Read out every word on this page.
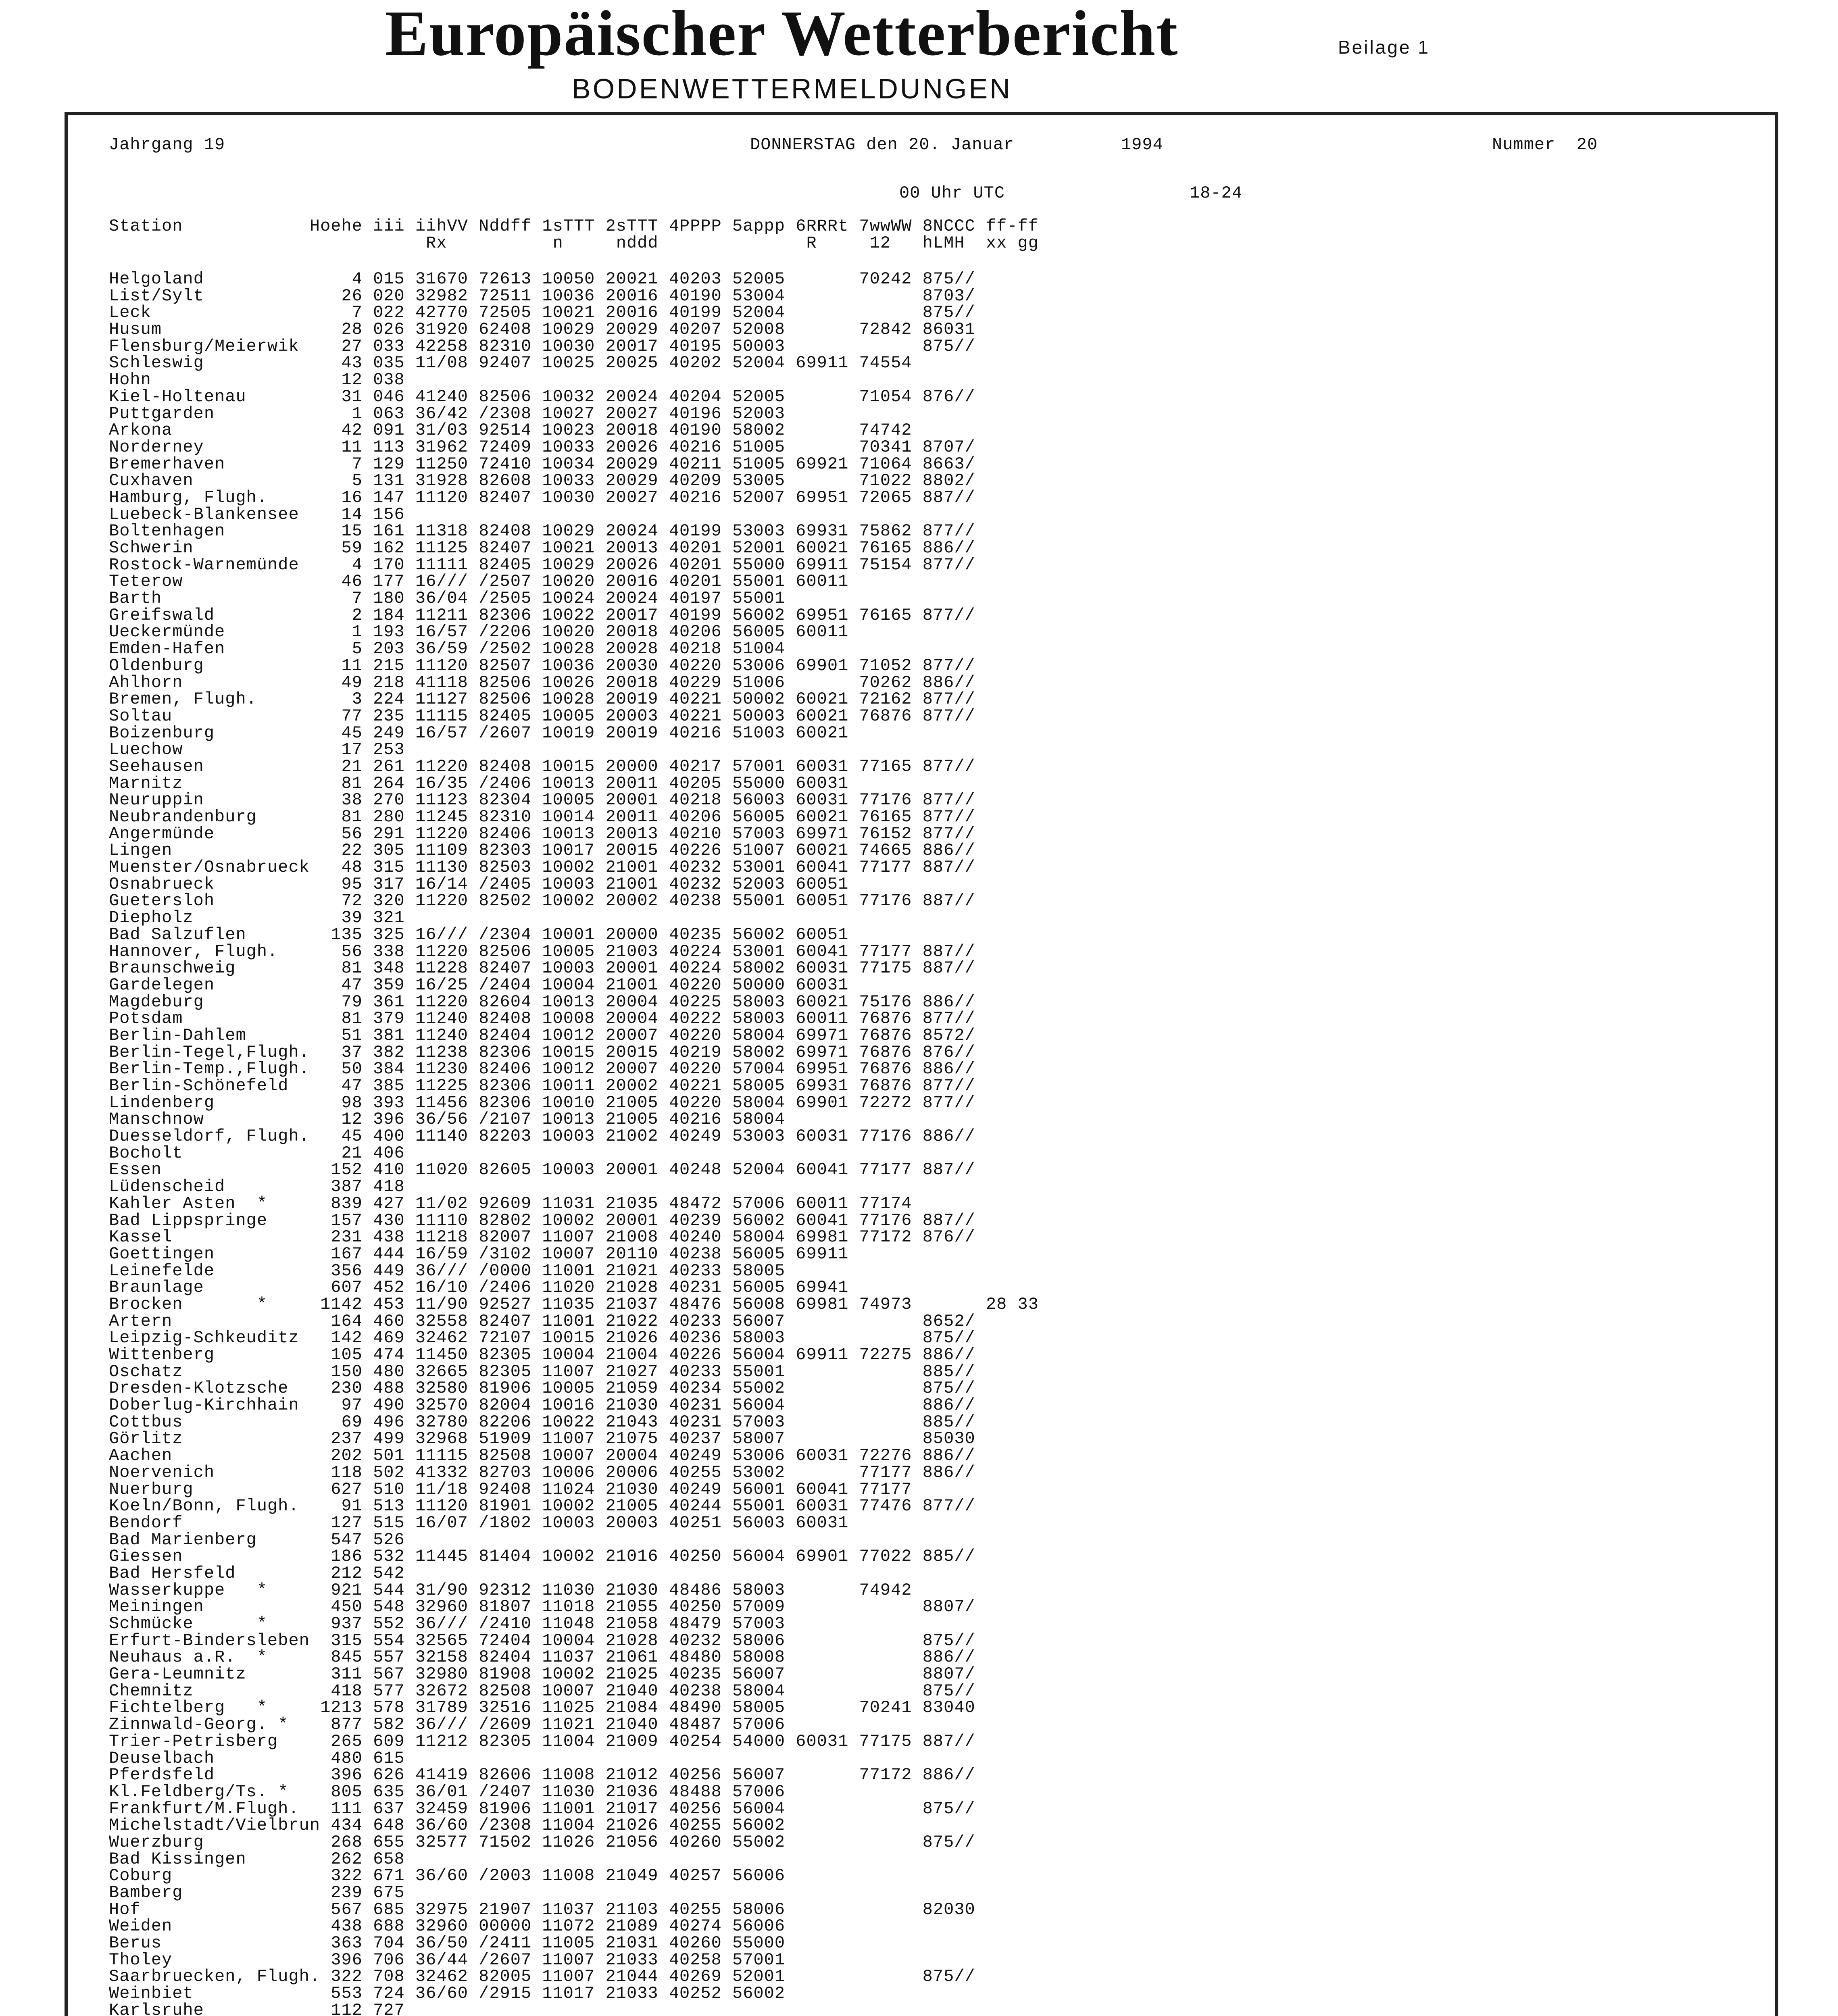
Europäischer Wetterbericht	Beilage 1
BODENWETTERMELDUNGEN
Jahrgang 19	DONNERSTAG den 20. Januar	1994	Nummer  20
00 Uhr UTC	18-24
Station            Hoehe iii iihVV Nddff 1sTTT 2sTTT 4PPPP 5appp 6RRRt 7wwWW 8NCCC ff-ff
Rx          n     nddd              R     12   hLMH  xx gg
Helgoland              4 015 31670 72613 10050 20021 40203 52005       70242 875//
List/Sylt             26 020 32982 72511 10036 20016 40190 53004             8703/
Leck                   7 022 42770 72505 10021 20016 40199 52004             875//
Husum                 28 026 31920 62408 10029 20029 40207 52008       72842 86031
Flensburg/Meierwik    27 033 42258 82310 10030 20017 40195 50003             875//
Schleswig             43 035 11/08 92407 10025 20025 40202 52004 69911 74554
Hohn                  12 038
Kiel-Holtenau         31 046 41240 82506 10032 20024 40204 52005       71054 876//
Puttgarden             1 063 36/42 /2308 10027 20027 40196 52003
Arkona                42 091 31/03 92514 10023 20018 40190 58002       74742
Norderney             11 113 31962 72409 10033 20026 40216 51005       70341 8707/
Bremerhaven            7 129 11250 72410 10034 20029 40211 51005 69921 71064 8663/
Cuxhaven               5 131 31928 82608 10033 20029 40209 53005       71022 8802/
Hamburg, Flugh.       16 147 11120 82407 10030 20027 40216 52007 69951 72065 887//
Luebeck-Blankensee    14 156
Boltenhagen           15 161 11318 82408 10029 20024 40199 53003 69931 75862 877//
Schwerin              59 162 11125 82407 10021 20013 40201 52001 60021 76165 886//
Rostock-Warnemünde     4 170 11111 82405 10029 20026 40201 55000 69911 75154 877//
Teterow               46 177 16/// /2507 10020 20016 40201 55001 60011
Barth                  7 180 36/04 /2505 10024 20024 40197 55001
Greifswald             2 184 11211 82306 10022 20017 40199 56002 69951 76165 877//
Ueckermünde            1 193 16/57 /2206 10020 20018 40206 56005 60011
Emden-Hafen            5 203 36/59 /2502 10028 20028 40218 51004
Oldenburg             11 215 11120 82507 10036 20030 40220 53006 69901 71052 877//
Ahlhorn               49 218 41118 82506 10026 20018 40229 51006       70262 886//
Bremen, Flugh.         3 224 11127 82506 10028 20019 40221 50002 60021 72162 877//
Soltau                77 235 11115 82405 10005 20003 40221 50003 60021 76876 877//
Boizenburg            45 249 16/57 /2607 10019 20019 40216 51003 60021
Luechow               17 253
Seehausen             21 261 11220 82408 10015 20000 40217 57001 60031 77165 877//
Marnitz               81 264 16/35 /2406 10013 20011 40205 55000 60031
Neuruppin             38 270 11123 82304 10005 20001 40218 56003 60031 77176 877//
Neubrandenburg        81 280 11245 82310 10014 20011 40206 56005 60021 76165 877//
Angermünde            56 291 11220 82406 10013 20013 40210 57003 69971 76152 877//
Lingen                22 305 11109 82303 10017 20015 40226 51007 60021 74665 886//
Muenster/Osnabrueck   48 315 11130 82503 10002 21001 40232 53001 60041 77177 887//
Osnabrueck            95 317 16/14 /2405 10003 21001 40232 52003 60051
Guetersloh            72 320 11220 82502 10002 20002 40238 55001 60051 77176 887//
Diepholz              39 321
Bad Salzuflen        135 325 16/// /2304 10001 20000 40235 56002 60051
Hannover, Flugh.      56 338 11220 82506 10005 21003 40224 53001 60041 77177 887//
Braunschweig          81 348 11228 82407 10003 20001 40224 58002 60031 77175 887//
Gardelegen            47 359 16/25 /2404 10004 21001 40220 50000 60031
Magdeburg             79 361 11220 82604 10013 20004 40225 58003 60021 75176 886//
Potsdam               81 379 11240 82408 10008 20004 40222 58003 60011 76876 877//
Berlin-Dahlem         51 381 11240 82404 10012 20007 40220 58004 69971 76876 8572/
Berlin-Tegel,Flugh.   37 382 11238 82306 10015 20015 40219 58002 69971 76876 876//
Berlin-Temp.,Flugh.   50 384 11230 82406 10012 20007 40220 57004 69951 76876 886//
Berlin-Schönefeld     47 385 11225 82306 10011 20002 40221 58005 69931 76876 877//
Lindenberg            98 393 11456 82306 10010 21005 40220 58004 69901 72272 877//
Manschnow             12 396 36/56 /2107 10013 21005 40216 58004
Duesseldorf, Flugh.   45 400 11140 82203 10003 21002 40249 53003 60031 77176 886//
Bocholt               21 406
Essen                152 410 11020 82605 10003 20001 40248 52004 60041 77177 887//
Lüdenscheid          387 418
Kahler Asten  *      839 427 11/02 92609 11031 21035 48472 57006 60011 77174
Bad Lippspringe      157 430 11110 82802 10002 20001 40239 56002 60041 77176 887//
Kassel               231 438 11218 82007 11007 21008 40240 58004 69981 77172 876//
Goettingen           167 444 16/59 /3102 10007 20110 40238 56005 69911
Leinefelde           356 449 36/// /0000 11001 21021 40233 58005
Braunlage            607 452 16/10 /2406 11020 21028 40231 56005 69941
Brocken       *     1142 453 11/90 92527 11035 21037 48476 56008 69981 74973       28 33
Artern               164 460 32558 82407 11001 21022 40233 56007             8652/
Leipzig-Schkeuditz   142 469 32462 72107 10015 21026 40236 58003             875//
Wittenberg           105 474 11450 82305 10004 21004 40226 56004 69911 72275 886//
Oschatz              150 480 32665 82305 11007 21027 40233 55001             885//
Dresden-Klotzsche    230 488 32580 81906 10005 21059 40234 55002             875//
Doberlug-Kirchhain    97 490 32570 82004 10016 21030 40231 56004             886//
Cottbus               69 496 32780 82206 10022 21043 40231 57003             885//
Görlitz              237 499 32968 51909 11007 21075 40237 58007             85030
Aachen               202 501 11115 82508 10007 20004 40249 53006 60031 72276 886//
Noervenich           118 502 41332 82703 10006 20006 40255 53002       77177 886//
Nuerburg             627 510 11/18 92408 11024 21030 40249 56001 60041 77177
Koeln/Bonn, Flugh.    91 513 11120 81901 10002 21005 40244 55001 60031 77476 877//
Bendorf              127 515 16/07 /1802 10003 20003 40251 56003 60031
Bad Marienberg       547 526
Giessen              186 532 11445 81404 10002 21016 40250 56004 69901 77022 885//
Bad Hersfeld         212 542
Wasserkuppe   *      921 544 31/90 92312 11030 21030 48486 58003       74942
Meiningen            450 548 32960 81807 11018 21055 40250 57009             8807/
Schmücke      *      937 552 36/// /2410 11048 21058 48479 57003
Erfurt-Bindersleben  315 554 32565 72404 10004 21028 40232 58006             875//
Neuhaus a.R.  *      845 557 32158 82404 11037 21061 48480 58008             886//
Gera-Leumnitz        311 567 32980 81908 10002 21025 40235 56007             8807/
Chemnitz             418 577 32672 82508 10007 21040 40238 58004             875//
Fichtelberg   *     1213 578 31789 32516 11025 21084 48490 58005       70241 83040
Zinnwald-Georg. *    877 582 36/// /2609 11021 21040 48487 57006
Trier-Petrisberg     265 609 11212 82305 11004 21009 40254 54000 60031 77175 887//
Deuselbach           480 615
Pferdsfeld           396 626 41419 82606 11008 21012 40256 56007       77172 886//
Kl.Feldberg/Ts. *    805 635 36/01 /2407 11030 21036 48488 57006
Frankfurt/M.Flugh.   111 637 32459 81906 11001 21017 40256 56004             875//
Michelstadt/Vielbrun 434 648 36/60 /2308 11004 21026 40255 56002
Wuerzburg            268 655 32577 71502 11026 21056 40260 55002             875//
Bad Kissingen        262 658
Coburg               322 671 36/60 /2003 11008 21049 40257 56006
Bamberg              239 675
Hof                  567 685 32975 21907 11037 21103 40255 58006             82030
Weiden               438 688 32960 00000 11072 21089 40274 56006
Berus                363 704 36/50 /2411 11005 21031 40260 55000
Tholey               396 706 36/44 /2607 11007 21033 40258 57001
Saarbruecken, Flugh. 322 708 32462 82005 11007 21044 40269 52001             875//
Weinbiet             553 724 36/60 /2915 11017 21033 40252 56002
Karlsruhe            112 727
